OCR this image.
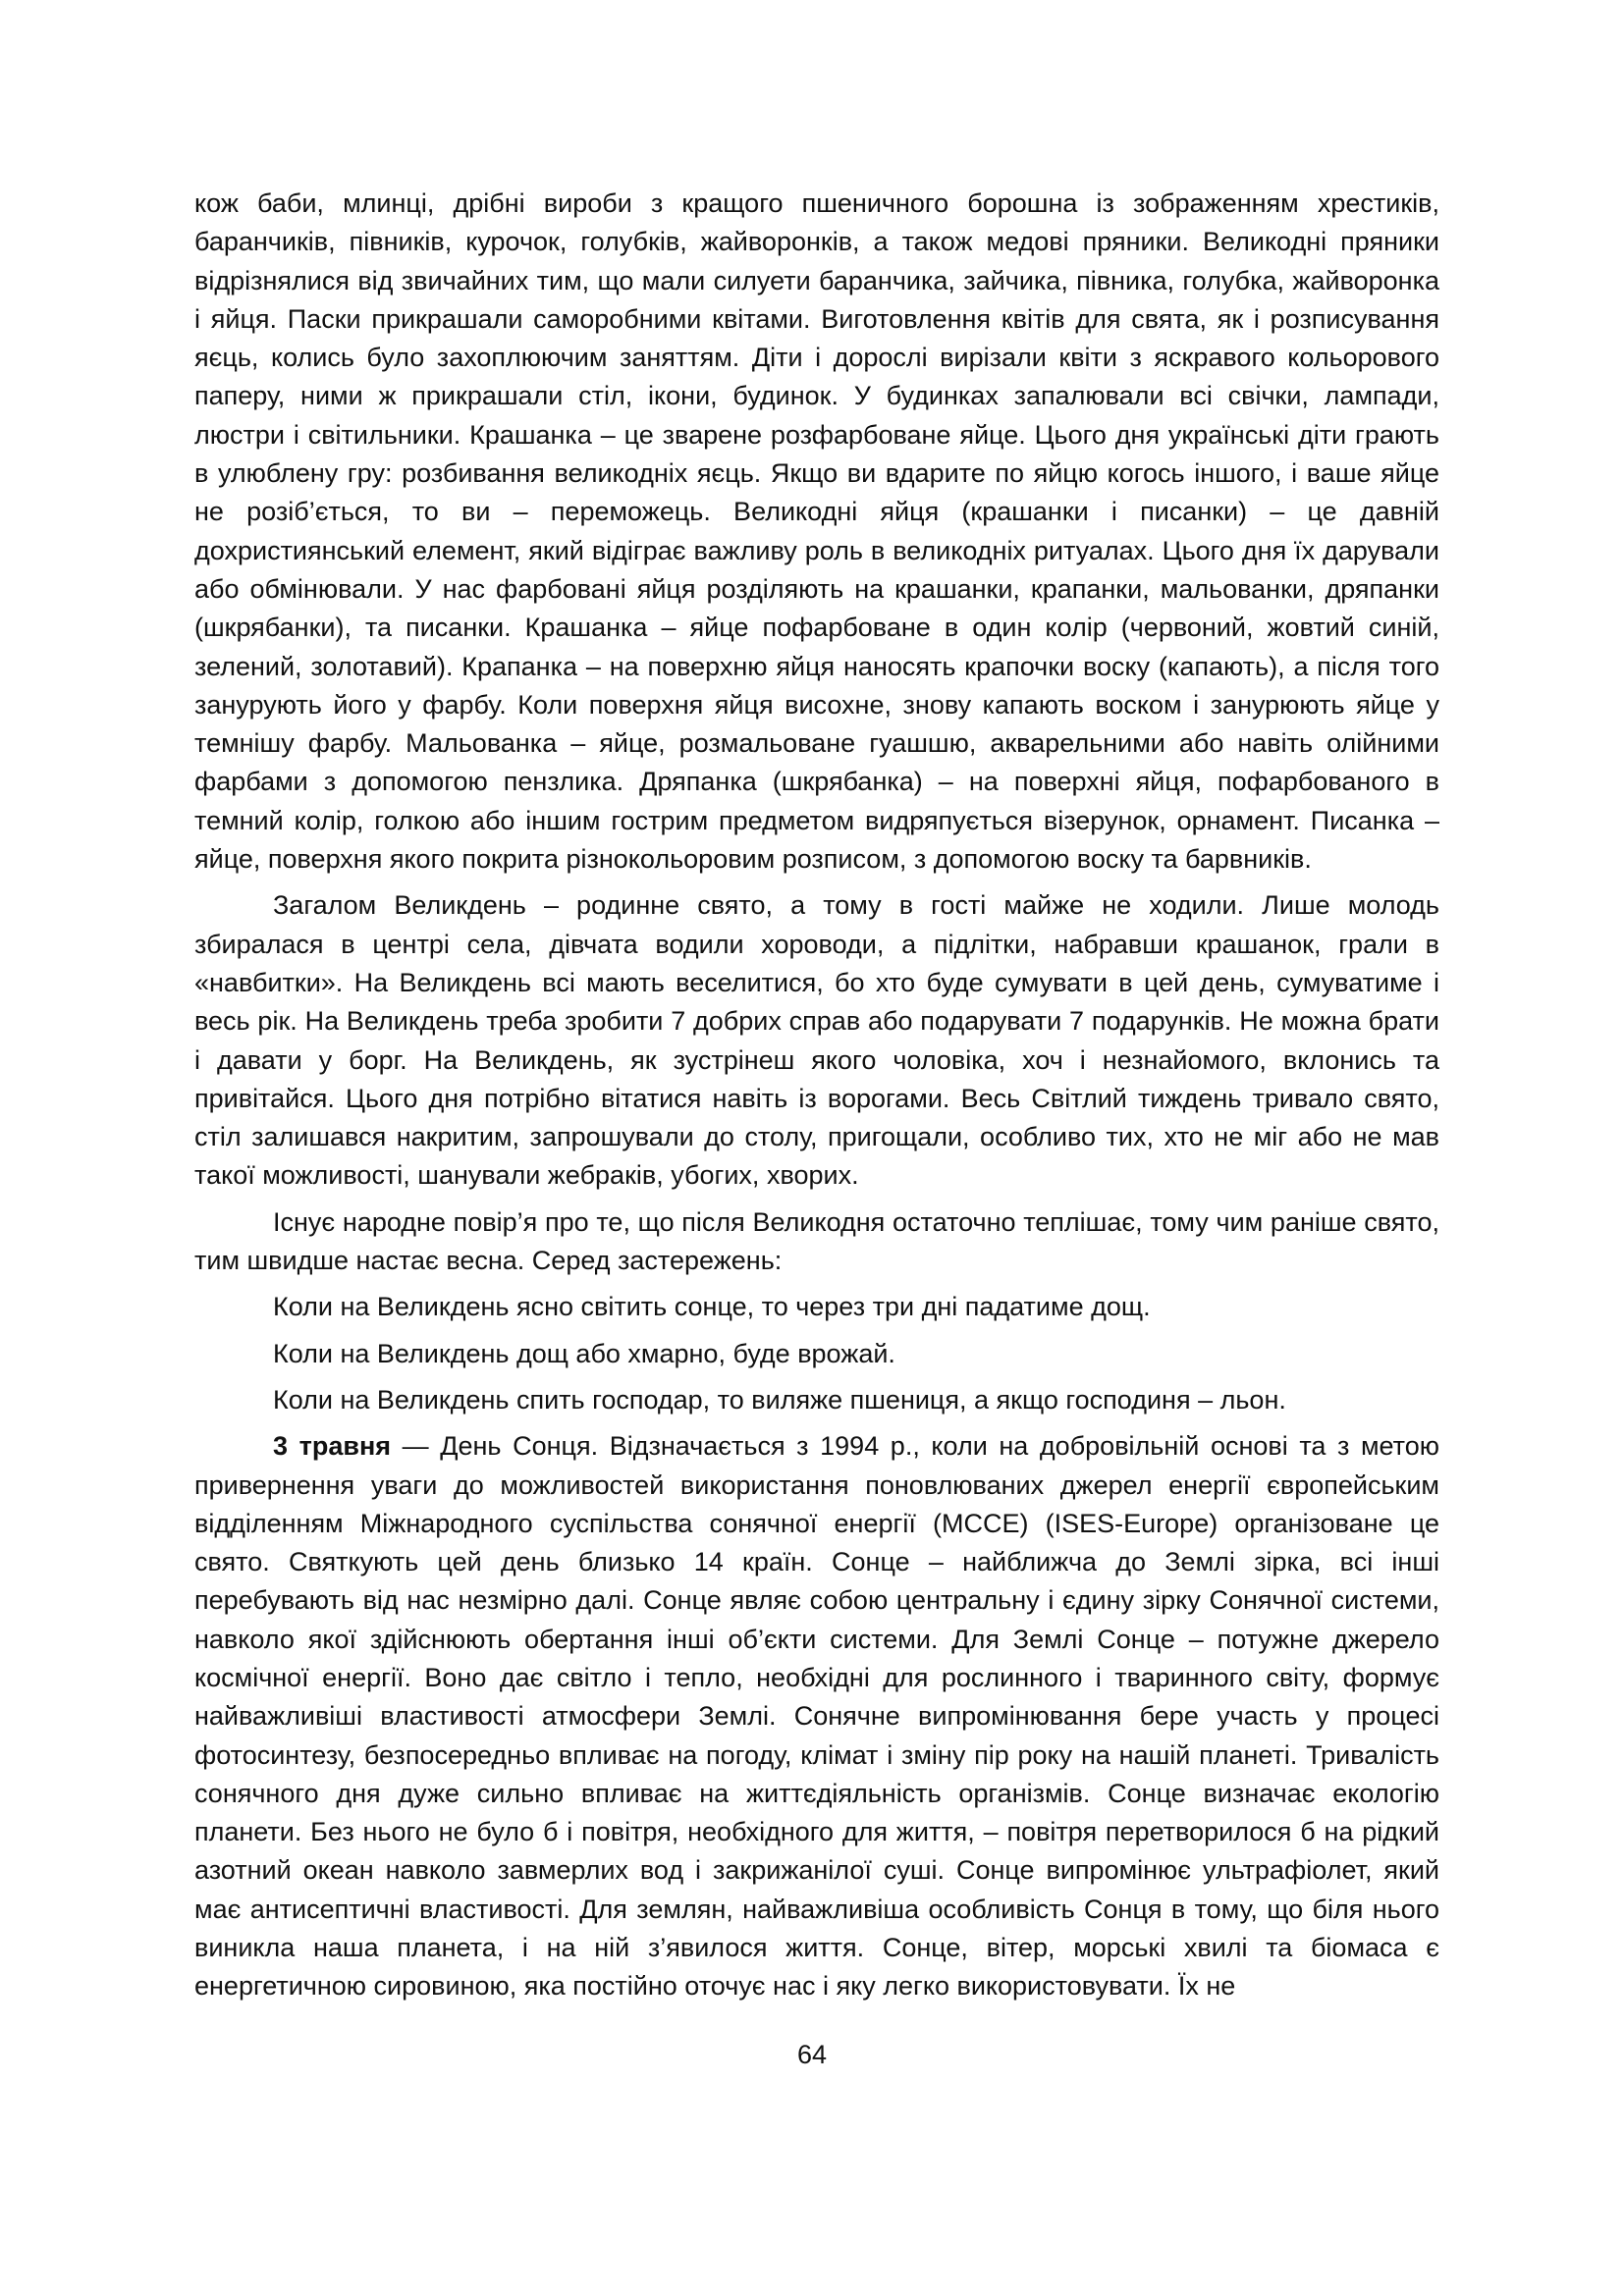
кож баби, млинці, дрібні вироби з кращого пшеничного борошна із зображенням хрестиків, баранчиків, півників, курочок, голубків, жайворонків, а також медові пряники. Великодні пряники відрізнялися від звичайних тим, що мали силуети баранчика, зайчика, півника, голубка, жайворонка і яйця. Паски прикрашали саморобними квітами. Виготовлення квітів для свята, як і розписування яєць, колись було захоплюючим заняттям. Діти і дорослі вирізали квіти з яскравого кольорового паперу, ними ж прикрашали стіл, ікони, будинок. У будинках запалювали всі свічки, лампади, люстри і світильники. Крашанка – це зварене розфарбоване яйце. Цього дня українські діти грають в улюблену гру: розбивання великодніх яєць. Якщо ви вдарите по яйцю когось іншого, і ваше яйце не розіб’ється, то ви – переможець. Великодні яйця (крашанки і писанки) – це давній дохристиянський елемент, який відіграє важливу роль в великодніх ритуалах. Цього дня їх дарували або обмінювали. У нас фарбовані яйця розділяють на крашанки, крапанки, мальованки, дряпанки (шкрябанки), та писанки. Крашанка – яйце пофарбоване в один колір (червоний, жовтий синій, зелений, золотавий). Крапанка – на поверхню яйця наносять крапочки воску (капають), а після того занурують його у фарбу. Коли поверхня яйця висохне, знову капають воском і занурюють яйце у темнішу фарбу. Мальованка – яйце, розмальоване гуашшю, акварельними або навіть олійними фарбами з допомогою пензлика. Дряпанка (шкрябанка) – на поверхні яйця, пофарбованого в темний колір, голкою або іншим гострим предметом видряпується візерунок, орнамент. Писанка – яйце, поверхня якого покрита різнокольоровим розписом, з допомогою воску та барвників.

Загалом Великдень – родинне свято, а тому в гості майже не ходили. Лише молодь збиралася в центрі села, дівчата водили хороводи, а підлітки, набравши крашанок, грали в «навбитки». На Великдень всі мають веселитися, бо хто буде сумувати в цей день, сумуватиме і весь рік. На Великдень треба зробити 7 добрих справ або подарувати 7 подарунків. Не можна брати і давати у борг. На Великдень, як зустрінеш якого чоловіка, хоч і незнайомого, вклонись та привітайся. Цього дня потрібно вітатися навіть із ворогами. Весь Світлий тиждень тривало свято, стіл залишався накритим, запрошували до столу, пригощали, особливо тих, хто не міг або не мав такої можливості, шанували жебраків, убогих, хворих.

Існує народне повір’я про те, що після Великодня остаточно теплішає, тому чим раніше свято, тим швидше настає весна. Серед застережень:

Коли на Великдень ясно світить сонце, то через три дні падатиме дощ.

Коли на Великдень дощ або хмарно, буде врожай.

Коли на Великдень спить господар, то виляже пшениця, а якщо господиня – льон.

3 травня — День Сонця. Відзначається з 1994 р., коли на добровільній основі та з метою привернення уваги до можливостей використання поновлюваних джерел енергії європейським відділенням Міжнародного суспільства сонячної енергії (МССЕ) (ISES-Europe) організоване це свято. Святкують цей день близько 14 країн. Сонце – найближча до Землі зірка, всі інші перебувають від нас незмірно далі. Сонце являє собою центральну і єдину зірку Сонячної системи, навколо якої здійснюють обертання інші об’єкти системи. Для Землі Сонце – потужне джерело космічної енергії. Воно дає світло і тепло, необхідні для рослинного і тваринного світу, формує найважливіші властивості атмосфери Землі. Сонячне випромінювання бере участь у процесі фотосинтезу, безпосередньо впливає на погоду, клімат і зміну пір року на нашій планеті. Тривалість сонячного дня дуже сильно впливає на життєдіяльність організмів. Сонце визначає екологію планети. Без нього не було б і повітря, необхідного для життя, – повітря перетворилося б на рідкий азотний океан навколо завмерлих вод і закрижанілої суші. Сонце випромінює ультрафіолет, який має антисептичні властивості. Для землян, найважливіша особливість Сонця в тому, що біля нього виникла наша планета, і на ній з’явилося життя. Сонце, вітер, морські хвилі та біомаса є енергетичною сировиною, яка постійно оточує нас і яку легко використовувати. Їх не

64
